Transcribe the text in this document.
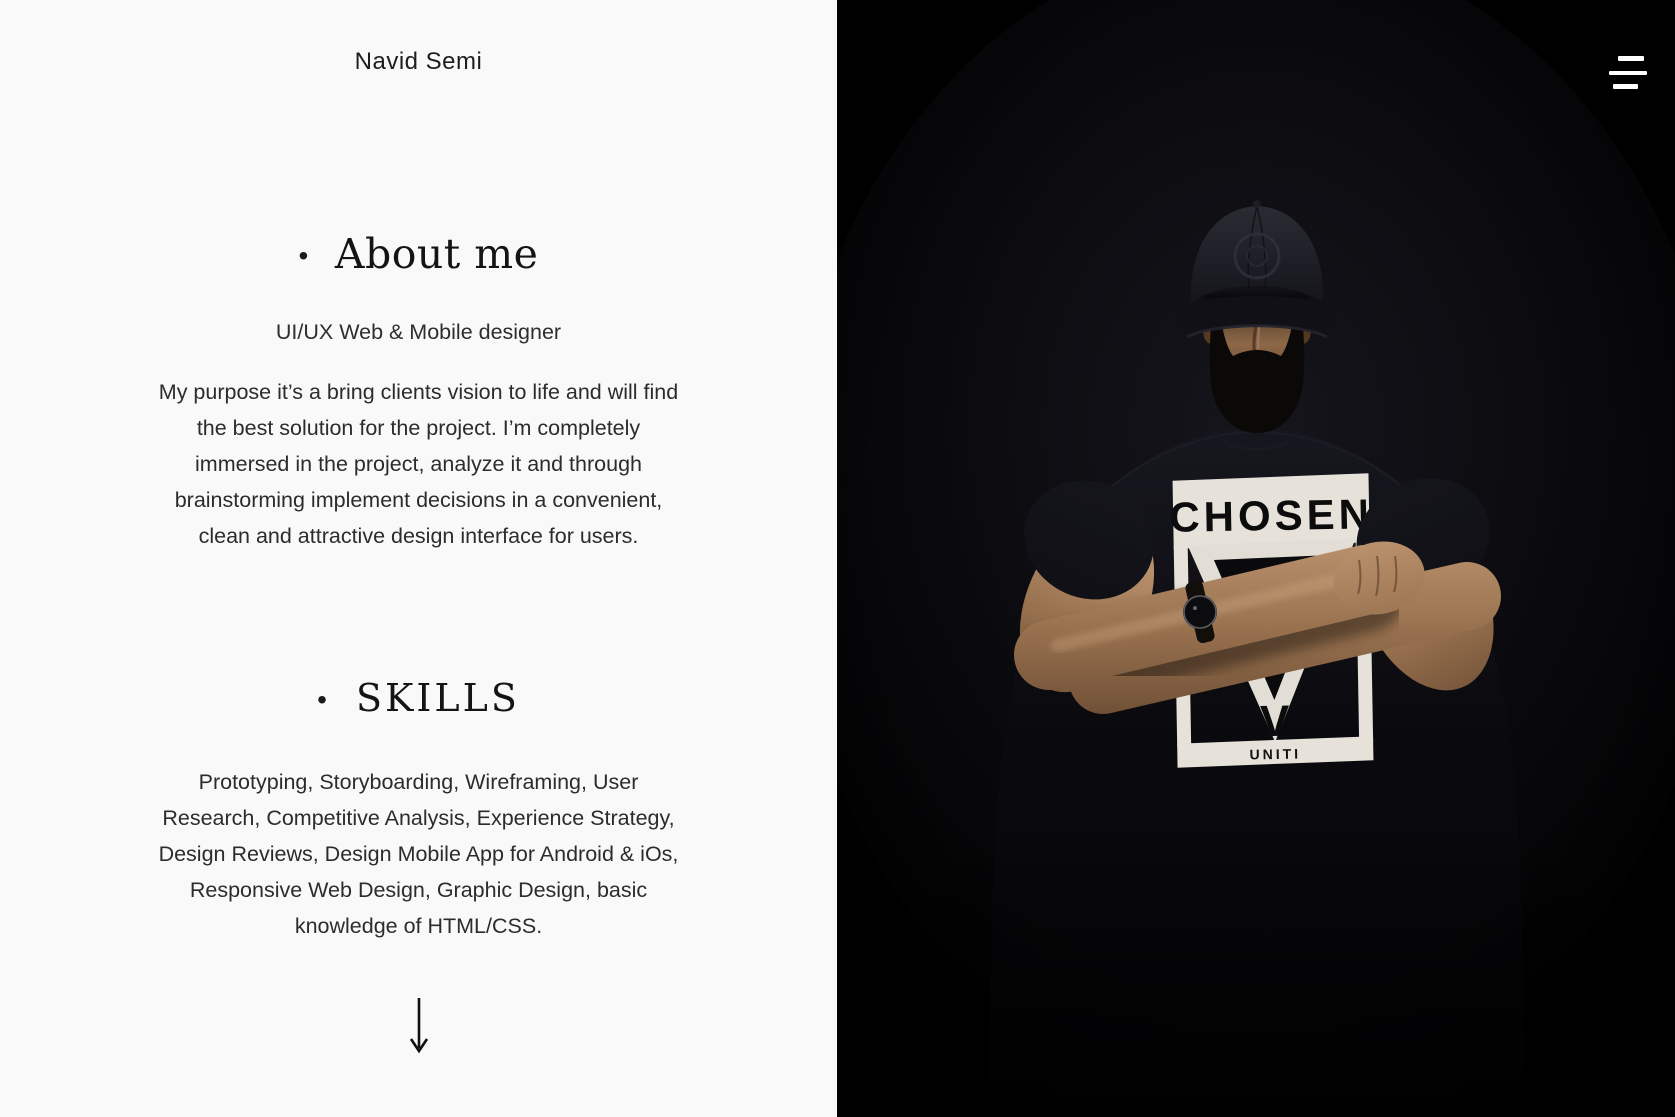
Navid Semi
• About me

UI/UX Web & Mobile designer

My purpose it’s a bring clients vision to life and will find
the best solution for the project. I’m completely
immersed in the project, analyze it and through
brainstorming implement decisions in a convenient,
clean and attractive design interface for users.
• SKILLS
Prototyping, Storyboarding, Wireframing, User
Research, Competitive Analysis, Experience Strategy,
Design Reviews, Design Mobile App for Android & iOs,
Responsive Web Design, Graphic Design, basic
knowledge of HTML/CSS.
